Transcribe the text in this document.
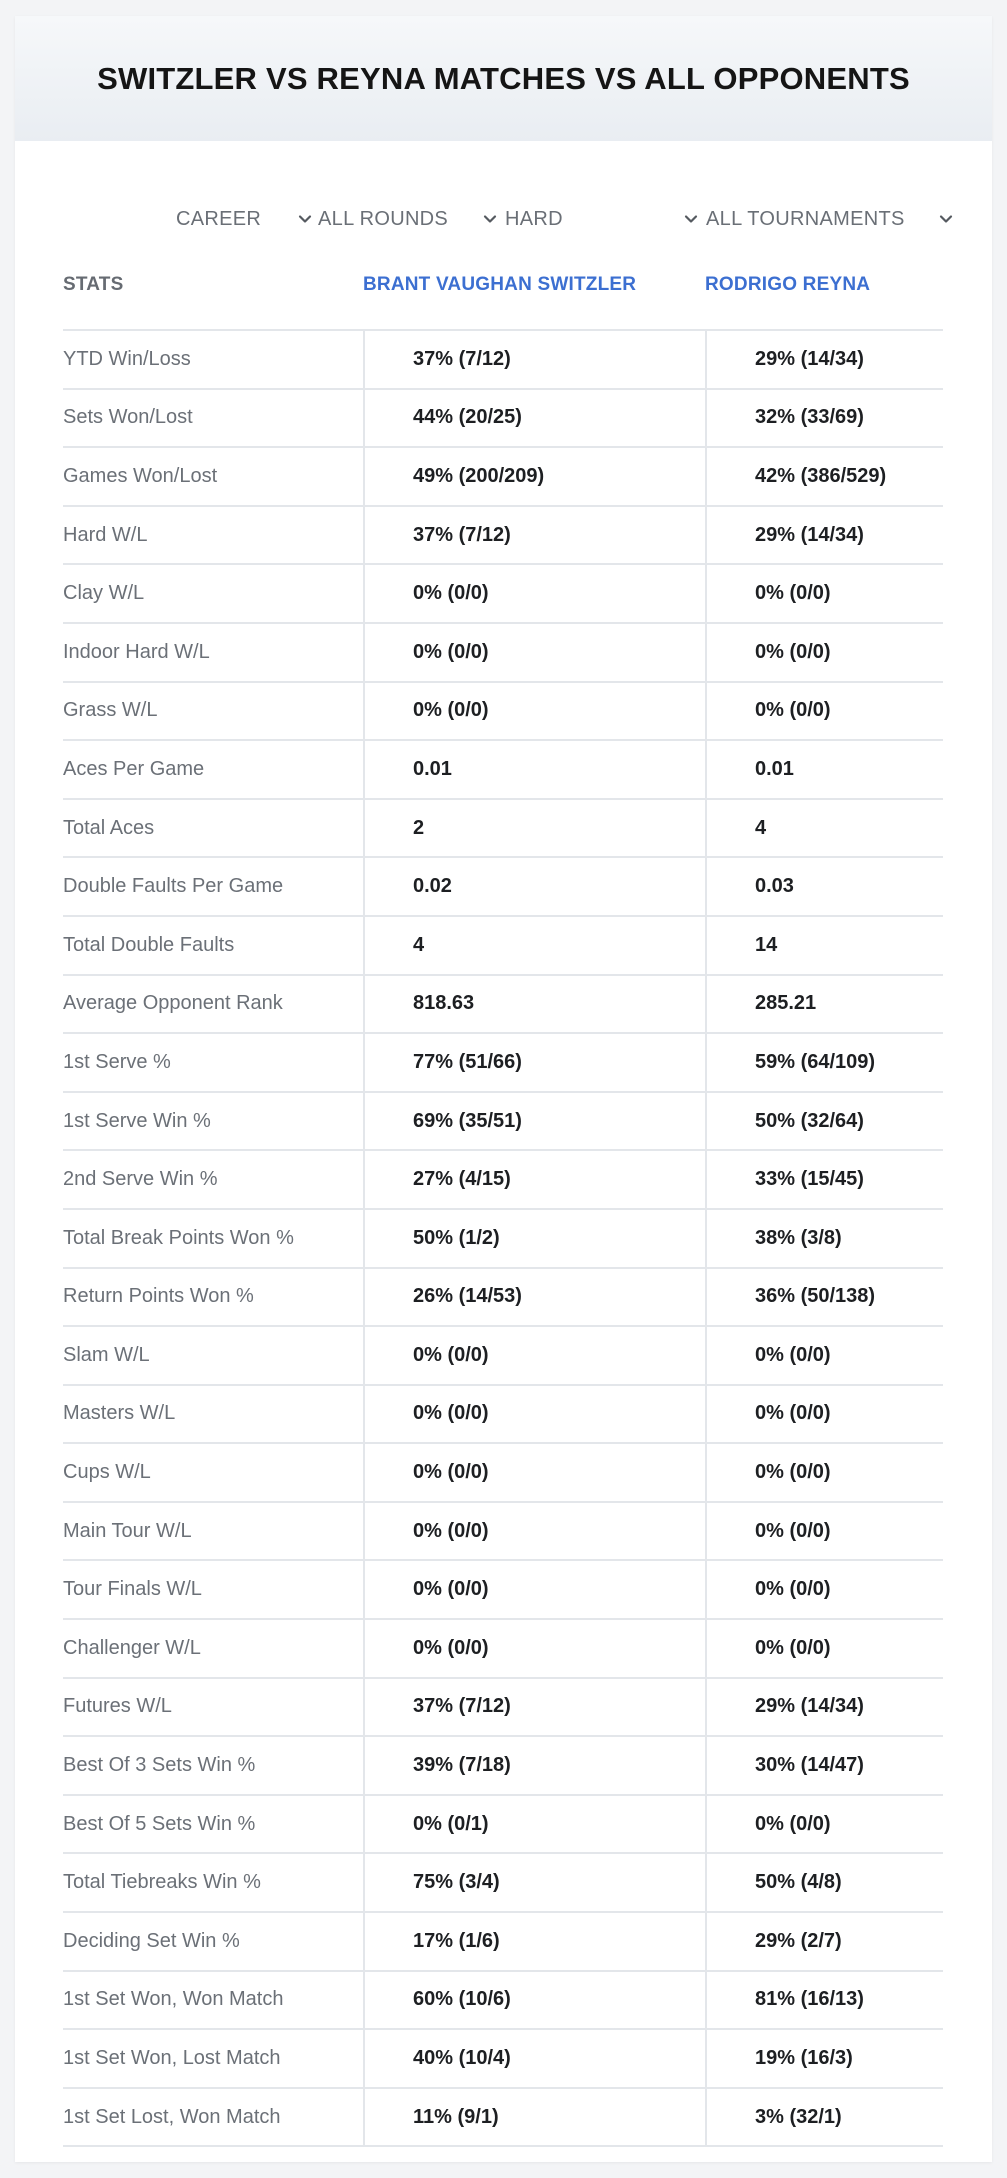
SWITZLER VS REYNA MATCHES VS ALL OPPONENTS
CAREER	ALL ROUNDS	HARD	ALL TOURNAMENTS
STATS	BRANT VAUGHAN SWITZLER	RODRIGO REYNA
YTD Win/Loss	37% (7/12)	29% (14/34)
Sets Won/Lost	44% (20/25)	32% (33/69)
Games Won/Lost	49% (200/209)	42% (386/529)
Hard W/L	37% (7/12)	29% (14/34)
Clay W/L	0% (0/0)	0% (0/0)
Indoor Hard W/L	0% (0/0)	0% (0/0)
Grass W/L	0% (0/0)	0% (0/0)
Aces Per Game	0.01	0.01
Total Aces	2	4
Double Faults Per Game	0.02	0.03
Total Double Faults	4	14
Average Opponent Rank	818.63	285.21
1st Serve %	77% (51/66)	59% (64/109)
1st Serve Win %	69% (35/51)	50% (32/64)
2nd Serve Win %	27% (4/15)	33% (15/45)
Total Break Points Won %	50% (1/2)	38% (3/8)
Return Points Won %	26% (14/53)	36% (50/138)
Slam W/L	0% (0/0)	0% (0/0)
Masters W/L	0% (0/0)	0% (0/0)
Cups W/L	0% (0/0)	0% (0/0)
Main Tour W/L	0% (0/0)	0% (0/0)
Tour Finals W/L	0% (0/0)	0% (0/0)
Challenger W/L	0% (0/0)	0% (0/0)
Futures W/L	37% (7/12)	29% (14/34)
Best Of 3 Sets Win %	39% (7/18)	30% (14/47)
Best Of 5 Sets Win %	0% (0/1)	0% (0/0)
Total Tiebreaks Win %	75% (3/4)	50% (4/8)
Deciding Set Win %	17% (1/6)	29% (2/7)
1st Set Won, Won Match	60% (10/6)	81% (16/13)
1st Set Won, Lost Match	40% (10/4)	19% (16/3)
1st Set Lost, Won Match	11% (9/1)	3% (32/1)
